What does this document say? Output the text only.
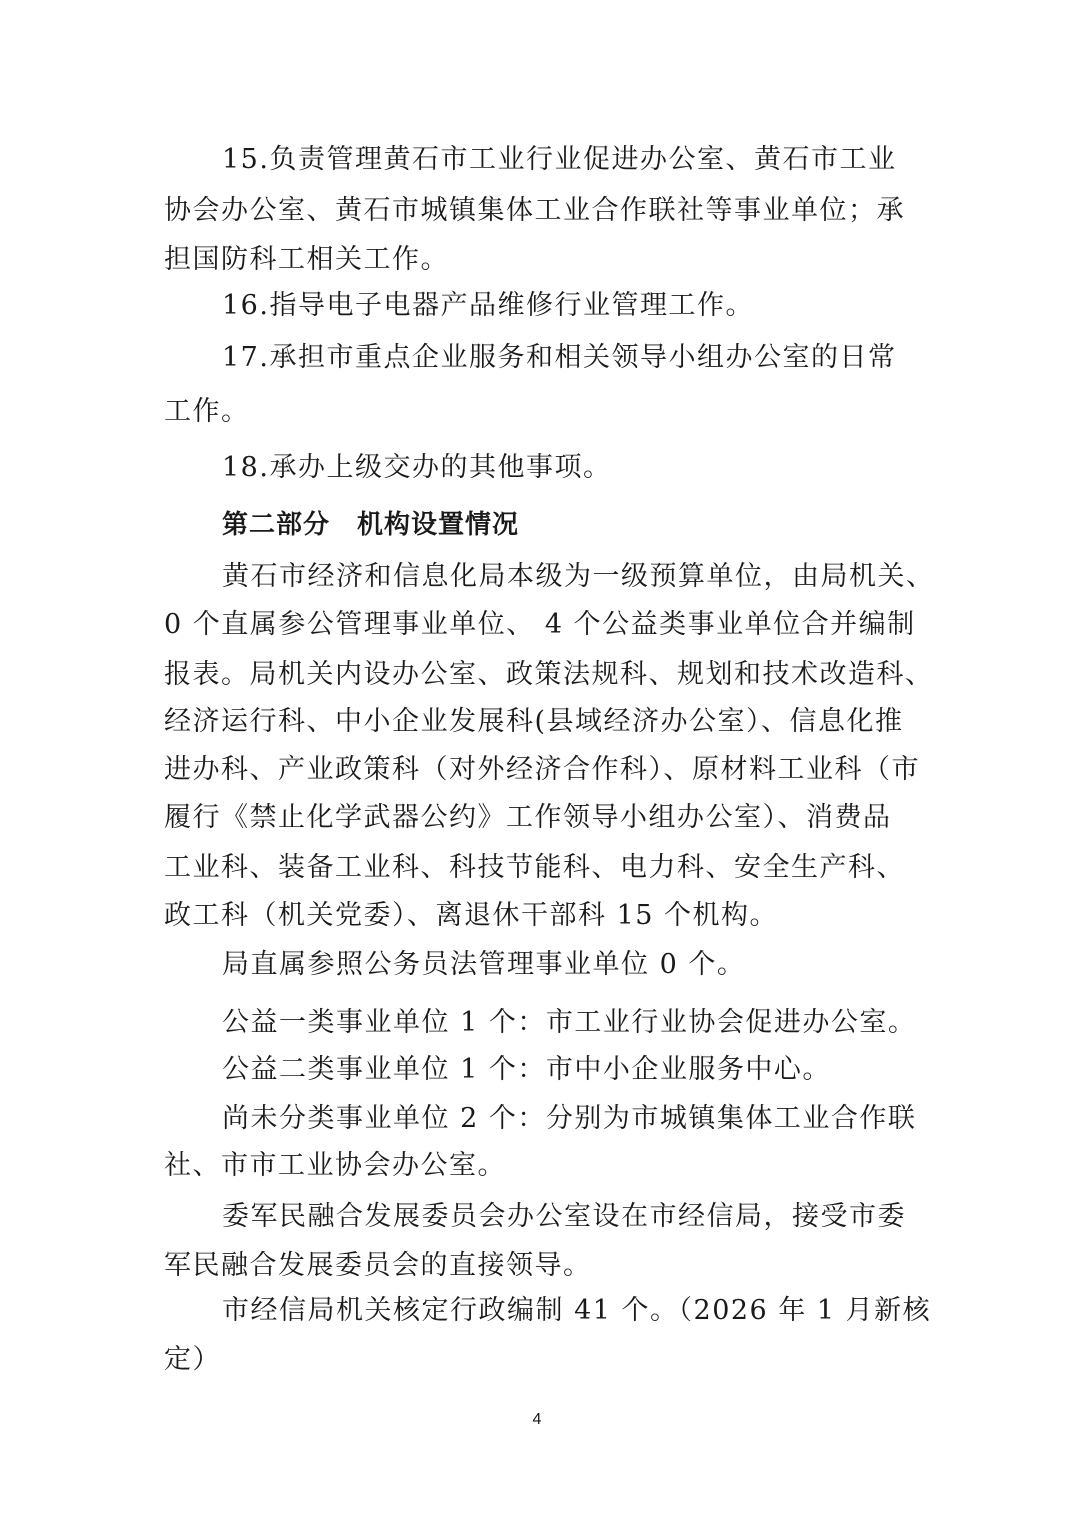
15.负责管理黄石市工业行业促进办公室、黄石市工业
协会办公室、黄石市城镇集体工业合作联社等事业单位；承
担国防科工相关工作。
16.指导电子电器产品维修行业管理工作。
17.承担市重点企业服务和相关领导小组办公室的日常
工作。
18.承办上级交办的其他事项。
第二部分　机构设置情况
黄石市经济和信息化局本级为一级预算单位，由局机关、
0 个直属参公管理事业单位、 4 个公益类事业单位合并编制
报表。局机关内设办公室、政策法规科、规划和技术改造科、
经济运行科、中小企业发展科(县域经济办公室）、信息化推
进办科、产业政策科（对外经济合作科）、原材料工业科（市
履行《禁止化学武器公约》工作领导小组办公室）、消费品
工业科、装备工业科、科技节能科、电力科、安全生产科、
政工科（机关党委）、离退休干部科 15 个机构。
局直属参照公务员法管理事业单位 0 个。
公益一类事业单位 1 个：市工业行业协会促进办公室。
公益二类事业单位 1 个：市中小企业服务中心。
尚未分类事业单位 2 个：分别为市城镇集体工业合作联
社、市市工业协会办公室。
委军民融合发展委员会办公室设在市经信局，接受市委
军民融合发展委员会的直接领导。
市经信局机关核定行政编制 41 个。（2026 年 1 月新核
定）
4
